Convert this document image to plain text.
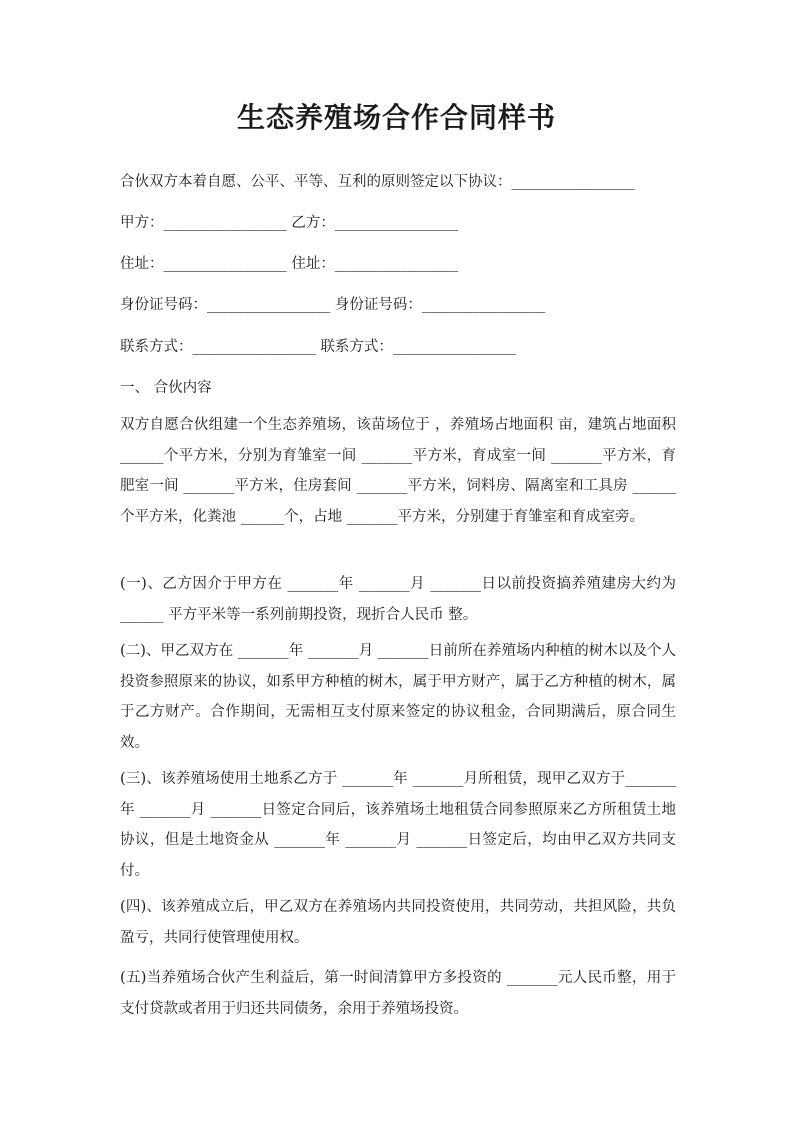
生态养殖场合作合同样书
合伙双方本着自愿、公平、平等、互利的原则签定以下协议：_________________
甲方：_________________ 乙方：_________________
住址：_________________ 住址：_________________
身份证号码：_________________ 身份证号码：_________________
联系方式：_________________ 联系方式：_________________
一、 合伙内容
双方自愿合伙组建一个生态养殖场，该苗场位于 ，养殖场占地面积 亩，建筑占地面积 ______个平方米，分别为育雏室一间 _______平方米，育成室一间 _______平方米，育肥室一间 _______平方米，住房套间 _______平方米，饲料房、隔离室和工具房 ______个平方米，化粪池 ______个，占地 _______平方米，分别建于育雏室和育成室旁。
(一)、乙方因介于甲方在 _______年 _______月 _______日以前投资搞养殖建房大约为______ 平方平米等一系列前期投资，现折合人民币 整。
(二)、甲乙双方在 _______年 _______月 _______日前所在养殖场内种植的树木以及个人投资参照原来的协议，如系甲方种植的树木，属于甲方财产，属于乙方种植的树木，属于乙方财产。合作期间，无需相互支付原来签定的协议租金，合同期满后，原合同生效。
(三)、该养殖场使用土地系乙方于 _______年 _______月所租赁，现甲乙双方于_______年 _______月 _______日签定合同后，该养殖场土地租赁合同参照原来乙方所租赁土地协议，但是土地资金从 _______年 _______月 _______日签定后，均由甲乙双方共同支付。
(四)、该养殖成立后，甲乙双方在养殖场内共同投资使用，共同劳动，共担风险，共负盈亏，共同行使管理使用权。
(五)当养殖场合伙产生利益后，第一时间清算甲方多投资的 _______元人民币整，用于支付贷款或者用于归还共同债务，余用于养殖场投资。
